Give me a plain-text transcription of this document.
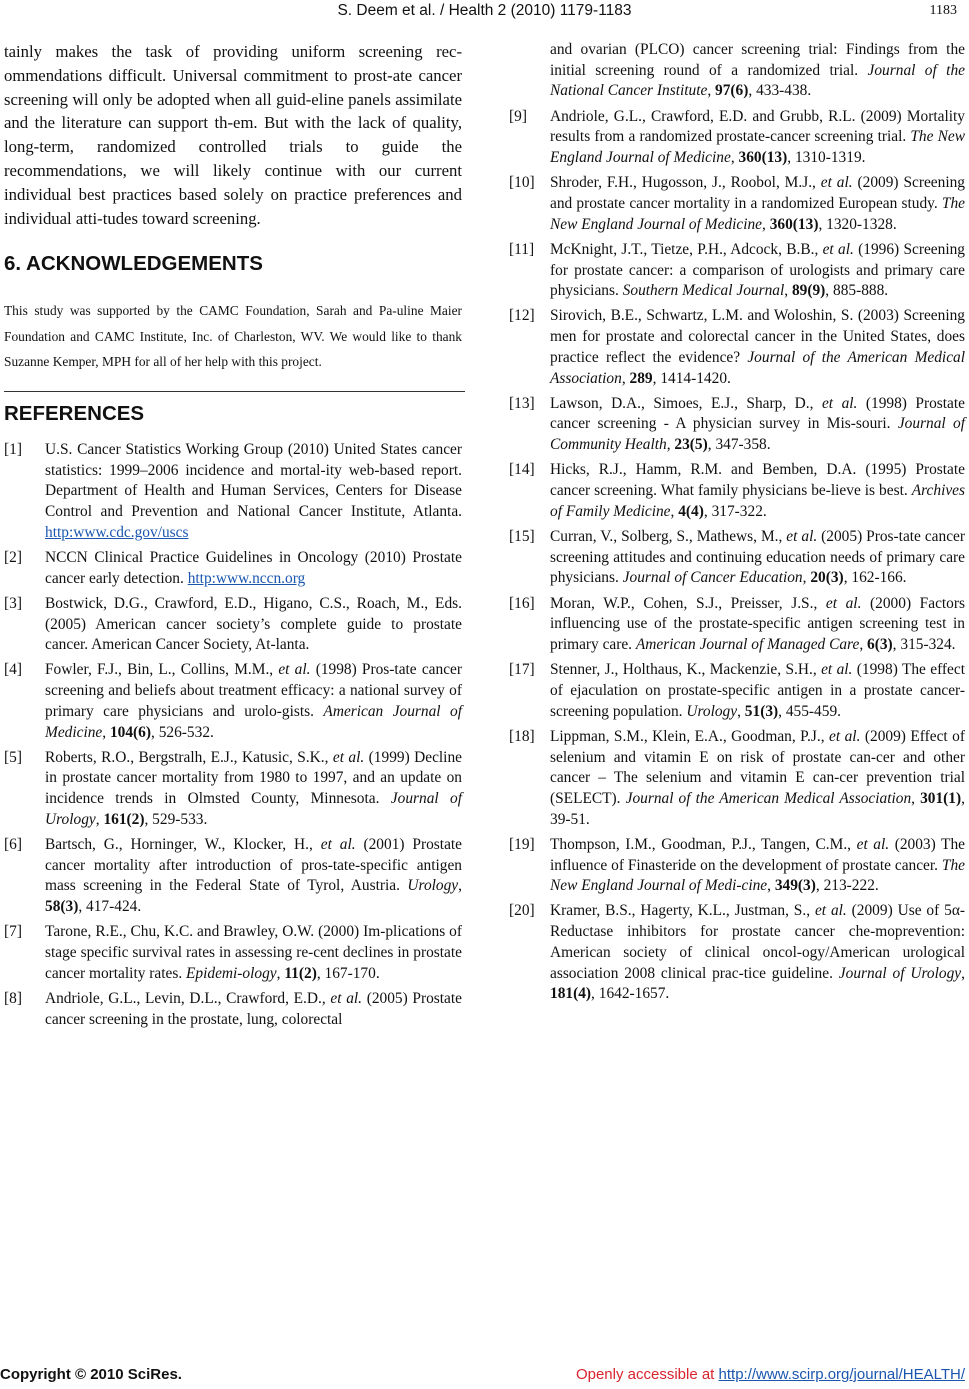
S. Deem et al. / Health 2 (2010) 1179-1183	1183

tainly makes the task of providing uniform screening rec-ommendations difficult. Universal commitment to prost-ate cancer screening will only be adopted when all guid-eline panels assimilate and the literature can support th-em. But with the lack of quality, long-term, randomized controlled trials to guide the recommendations, we will likely continue with our current individual best practices based solely on practice preferences and individual atti-tudes toward screening.

6. ACKNOWLEDGEMENTS

This study was supported by the CAMC Foundation, Sarah and Pa-uline Maier Foundation and CAMC Institute, Inc. of Charleston, WV. We would like to thank Suzanne Kemper, MPH for all of her help with this project.

REFERENCES
[1] U.S. Cancer Statistics Working Group (2010) United States cancer statistics: 1999–2006 incidence and mortal-ity web-based report. Department of Health and Human Services, Centers for Disease Control and Prevention and National Cancer Institute, Atlanta. http:www.cdc.gov/uscs
[2] NCCN Clinical Practice Guidelines in Oncology (2010) Prostate cancer early detection. http:www.nccn.org
[3] Bostwick, D.G., Crawford, E.D., Higano, C.S., Roach, M., Eds. (2005) American cancer society’s complete guide to prostate cancer. American Cancer Society, At-lanta.
[4] Fowler, F.J., Bin, L., Collins, M.M., et al. (1998) Pros-tate cancer screening and beliefs about treatment efficacy: a national survey of primary care physicians and urolo-gists. American Journal of Medicine, 104(6), 526-532.
[5] Roberts, R.O., Bergstralh, E.J., Katusic, S.K., et al. (1999) Decline in prostate cancer mortality from 1980 to 1997, and an update on incidence trends in Olmsted County, Minnesota. Journal of Urology, 161(2), 529-533.
[6] Bartsch, G., Horninger, W., Klocker, H., et al. (2001) Prostate cancer mortality after introduction of pros-tate-specific antigen mass screening in the Federal State of Tyrol, Austria. Urology, 58(3), 417-424.
[7] Tarone, R.E., Chu, K.C. and Brawley, O.W. (2000) Im-plications of stage specific survival rates in assessing re-cent declines in prostate cancer mortality rates. Epidemi-ology, 11(2), 167-170.
[8] Andriole, G.L., Levin, D.L., Crawford, E.D., et al. (2005) Prostate cancer screening in the prostate, lung, colorectal
and ovarian (PLCO) cancer screening trial: Findings from the initial screening round of a randomized trial. Journal of the National Cancer Institute, 97(6), 433-438.
[9] Andriole, G.L., Crawford, E.D. and Grubb, R.L. (2009) Mortality results from a randomized prostate-cancer screening trial. The New England Journal of Medicine, 360(13), 1310-1319.
[10] Shroder, F.H., Hugosson, J., Roobol, M.J., et al. (2009) Screening and prostate cancer mortality in a randomized European study. The New England Journal of Medicine, 360(13), 1320-1328.
[11] McKnight, J.T., Tietze, P.H., Adcock, B.B., et al. (1996) Screening for prostate cancer: a comparison of urologists and primary care physicians. Southern Medical Journal, 89(9), 885-888.
[12] Sirovich, B.E., Schwartz, L.M. and Woloshin, S. (2003) Screening men for prostate and colorectal cancer in the United States, does practice reflect the evidence? Journal of the American Medical Association, 289, 1414-1420.
[13] Lawson, D.A., Simoes, E.J., Sharp, D., et al. (1998) Prostate cancer screening - A physician survey in Mis-souri. Journal of Community Health, 23(5), 347-358.
[14] Hicks, R.J., Hamm, R.M. and Bemben, D.A. (1995) Prostate cancer screening. What family physicians be-lieve is best. Archives of Family Medicine, 4(4), 317-322.
[15] Curran, V., Solberg, S., Mathews, M., et al. (2005) Pros-tate cancer screening attitudes and continuing education needs of primary care physicians. Journal of Cancer Education, 20(3), 162-166.
[16] Moran, W.P., Cohen, S.J., Preisser, J.S., et al. (2000) Factors influencing use of the prostate-specific antigen screening test in primary care. American Journal of Managed Care, 6(3), 315-324.
[17] Stenner, J., Holthaus, K., Mackenzie, S.H., et al. (1998) The effect of ejaculation on prostate-specific antigen in a prostate cancer-screening population. Urology, 51(3), 455-459.
[18] Lippman, S.M., Klein, E.A., Goodman, P.J., et al. (2009) Effect of selenium and vitamin E on risk of prostate can-cer and other cancer – The selenium and vitamin E can-cer prevention trial (SELECT). Journal of the American Medical Association, 301(1), 39-51.
[19] Thompson, I.M., Goodman, P.J., Tangen, C.M., et al. (2003) The influence of Finasteride on the development of prostate cancer. The New England Journal of Medi-cine, 349(3), 213-222.
[20] Kramer, B.S., Hagerty, K.L., Justman, S., et al. (2009) Use of 5α-Reductase inhibitors for prostate cancer che-moprevention: American society of clinical oncol-ogy/American urological association 2008 clinical prac-tice guideline. Journal of Urology, 181(4), 1642-1657.
Copyright © 2010 SciRes.	Openly accessible at http://www.scirp.org/journal/HEALTH/
